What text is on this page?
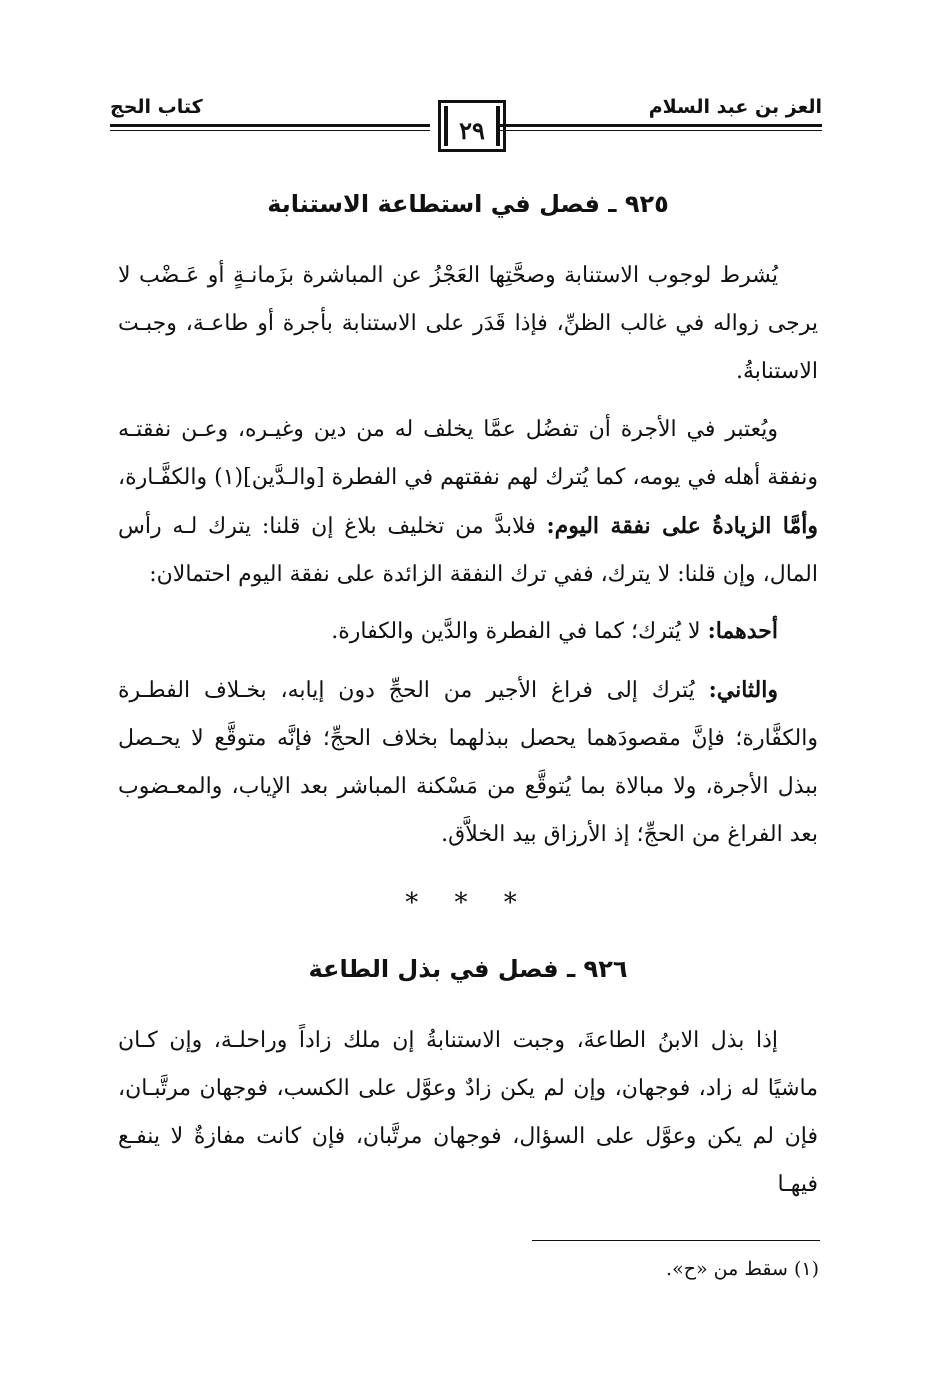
كتاب الحج	العز بن عبد السلام
٢٩
٩٢٥ ـ فصل في استطاعة الاستنابة

يُشرط لوجوب الاستنابة وصحَّتِها العَجْزُ عن المباشرة بزَمانـةٍ أو عَـضْب لا يرجى زواله في غالب الظنِّ، فإذا قَدَر على الاستنابة بأجرة أو طاعـة، وجبـت الاستنابةُ.

ويُعتبر في الأجرة أن تفضُل عمَّا يخلف له من دين وغيـره، وعـن نفقتـه ونفقة أهله في يومه، كما يُترك لهم نفقتهم في الفطرة [والـدَّين](١) والكفَّـارة، وأمَّا الزيادةُ على نفقة اليوم: فلابدَّ من تخليف بلاغ إن قلنا: يترك لـه رأس المال، وإن قلنا: لا يترك، ففي ترك النفقة الزائدة على نفقة اليوم احتمالان:

أحدهما: لا يُترك؛ كما في الفطرة والدَّين والكفارة.

والثاني: يُترك إلى فراغ الأجير من الحجِّ دون إيابه، بخـلاف الفطـرة والكفَّارة؛ فإنَّ مقصودَهما يحصل ببذلهما بخلاف الحجِّ؛ فإنَّه متوقَّع لا يحـصل ببذل الأجرة، ولا مبالاة بما يُتوقَّع من مَسْكنة المباشر بعد الإياب، والمعـضوب بعد الفراغ من الحجِّ؛ إذ الأرزاق بيد الخلاَّق.

* * *
٩٢٦ ـ فصل في بذل الطاعة

إذا بذل الابنُ الطاعةَ، وجبت الاستنابةُ إن ملك زاداً وراحلـة، وإن كـان ماشيًا له زاد، فوجهان، وإن لم يكن زادٌ وعوَّل على الكسب، فوجهان مرتَّبـان، فإن لم يكن وعوَّل على السؤال، فوجهان مرتَّبان، فإن كانت مفازةٌ لا ينفـع فيهـا

(١) سقط من «ح».
